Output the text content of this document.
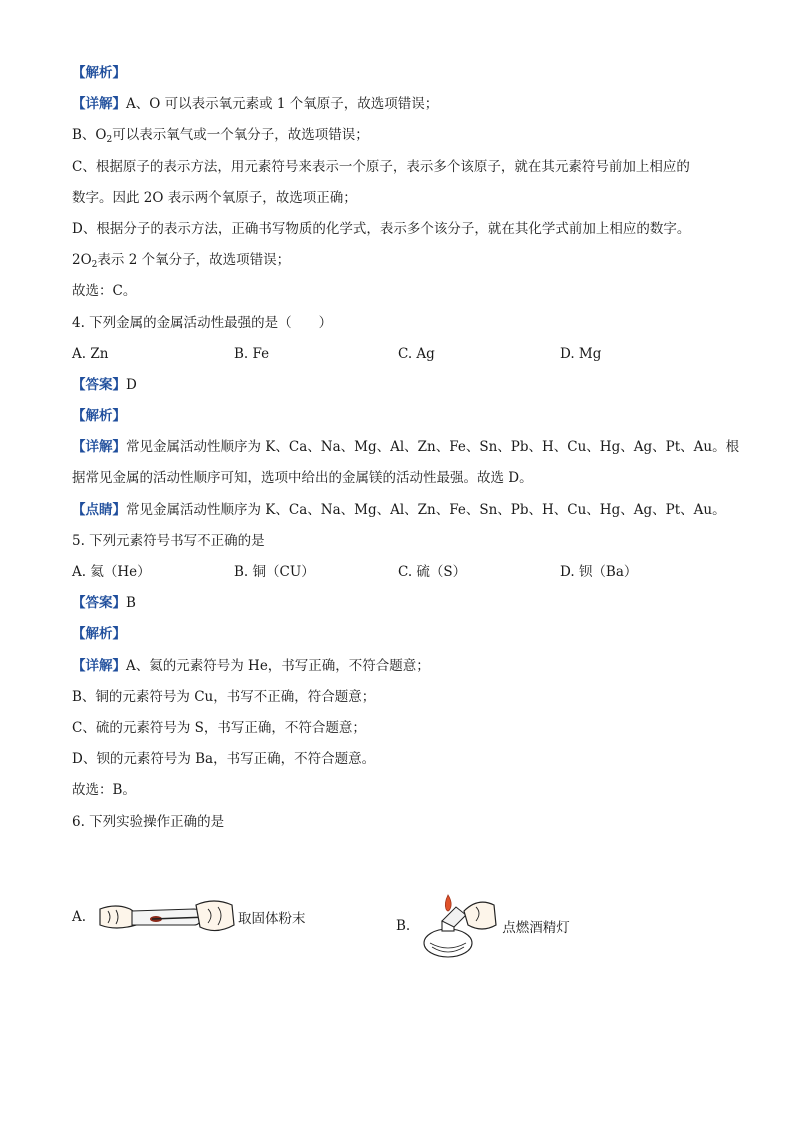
【解析】
【详解】A、O 可以表示氧元素或 1 个氧原子，故选项错误；
B、$O_2$可以表示氧气或一个氧分子，故选项错误；
C、根据原子的表示方法，用元素符号来表示一个原子，表示多个该原子，就在其元素符号前加上相应的
数字。因此 2O 表示两个氧原子，故选项正确；
D、根据分子的表示方法，正确书写物质的化学式，表示多个该分子，就在其化学式前加上相应的数字。
$2O_2$表示 2 个氧分子，故选项错误；
故选：C。
4. 下列金属的金属活动性最强的是（　　）
A. Zn	B. Fe	C. Ag	D. Mg
【答案】D
【解析】
【详解】常见金属活动性顺序为 K、Ca、Na、Mg、Al、Zn、Fe、Sn、Pb、H、Cu、Hg、Ag、Pt、Au。根
据常见金属的活动性顺序可知，选项中给出的金属镁的活动性最强。故选 D。
【点睛】常见金属活动性顺序为 K、Ca、Na、Mg、Al、Zn、Fe、Sn、Pb、H、Cu、Hg、Ag、Pt、Au。
5. 下列元素符号书写不正确的是
A. 氦（He）	B. 铜（CU）	C. 硫（S）	D. 钡（Ba）
【答案】B
【解析】
【详解】A、氦的元素符号为 He，书写正确，不符合题意；
B、铜的元素符号为 Cu，书写不正确，符合题意；
C、硫的元素符号为 S，书写正确，不符合题意；
D、钡的元素符号为 Ba，书写正确，不符合题意。
故选：B。
6. 下列实验操作正确的是
A.	取固体粉末	B.	点燃酒精灯
